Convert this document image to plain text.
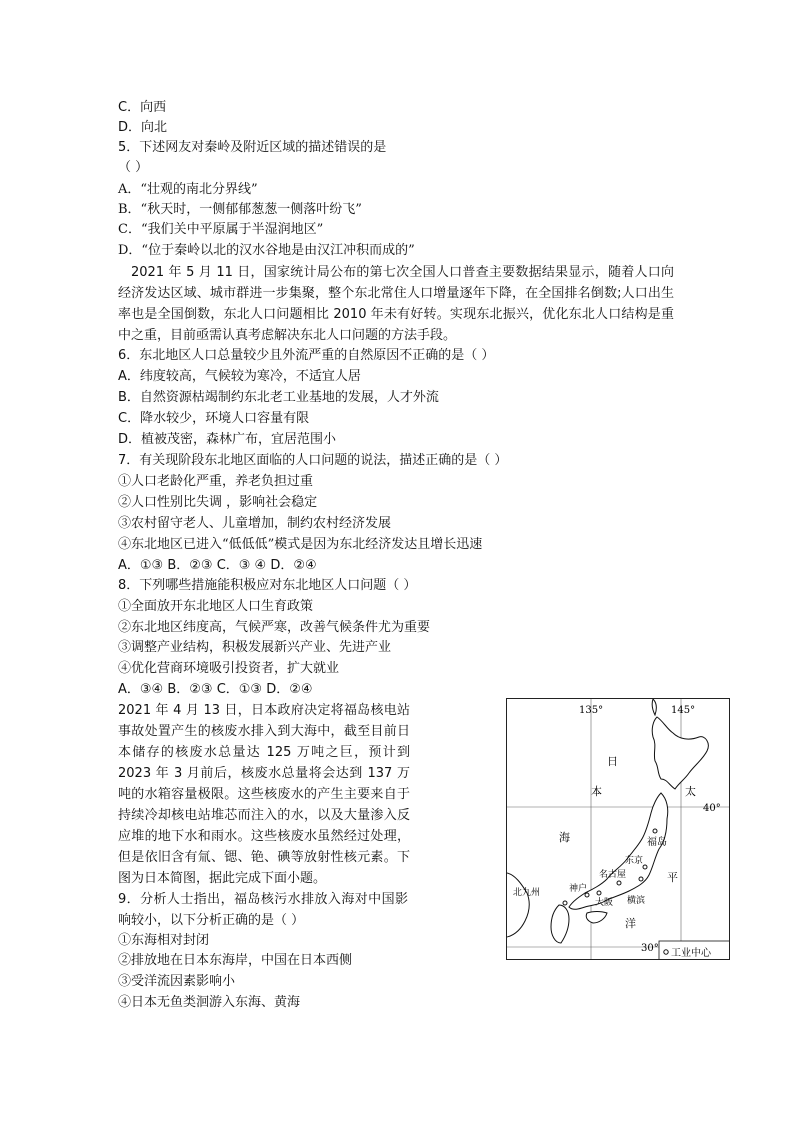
C．向西
D．向北
5．下述网友对秦岭及附近区域的描述错误的是
（ ）
A．“壮观的南北分界线”
B．“秋天时，一侧郁郁葱葱一侧落叶纷飞”
C．“我们关中平原属于半湿润地区”
D．“位于秦岭以北的汉水谷地是由汉江冲积而成的”
2021 年 5 月 11 日，国家统计局公布的第七次全国人口普查主要数据结果显示，随着人口向经济发达区域、城市群进一步集聚，整个东北常住人口增量逐年下降，在全国排名倒数;人口出生率也是全国倒数，东北人口问题相比 2010 年未有好转。实现东北振兴，优化东北人口结构是重中之重，目前亟需认真考虑解决东北人口问题的方法手段。
6．东北地区人口总量较少且外流严重的自然原因不正确的是（ ）
A．纬度较高，气候较为寒冷，不适宜人居
B．自然资源枯竭制约东北老工业基地的发展，人才外流
C．降水较少，环境人口容量有限
D．植被茂密，森林广布，宜居范围小
7．有关现阶段东北地区面临的人口问题的说法，描述正确的是（ ）
①人口老龄化严重，养老负担过重
②人口性别比失调 ，影响社会稳定
③农村留守老人、儿童增加，制约农村经济发展
④东北地区已进入“低低低”模式是因为东北经济发达且增长迅速
A．①③ B．②③ C．③ ④ D．②④
8．下列哪些措施能积极应对东北地区人口问题（ ）
①全面放开东北地区人口生育政策
②东北地区纬度高，气候严寒，改善气候条件尤为重要
③调整产业结构，积极发展新兴产业、先进产业
④优化营商环境吸引投资者，扩大就业
A．③④ B．②③ C．①③ D．②④
2021 年 4 月 13 日，日本政府决定将福岛核电站事故处置产生的核废水排入到大海中，截至目前日本储存的核废水总量达 125 万吨之巨，预计到 2023 年 3 月前后，核废水总量将会达到 137 万吨的水箱容量极限。这些核废水的产生主要来自于持续冷却核电站堆芯而注入的水，以及大量渗入反应堆的地下水和雨水。这些核废水虽然经过处理，但是依旧含有氚、锶、铯、碘等放射性核元素。下图为日本简图，据此完成下面小题。
9．分析人士指出，福岛核污水排放入海对中国影响较小，以下分析正确的是（ ）
①东海相对封闭
②排放地在日本东海岸，中国在日本西侧
③受洋流因素影响小
④日本无鱼类洄游入东海、黄海
135°	145°
40°
30°
日
本
海
太
平
洋
福岛
东京
名古屋
横滨
大阪
神户
北九州
工业中心
